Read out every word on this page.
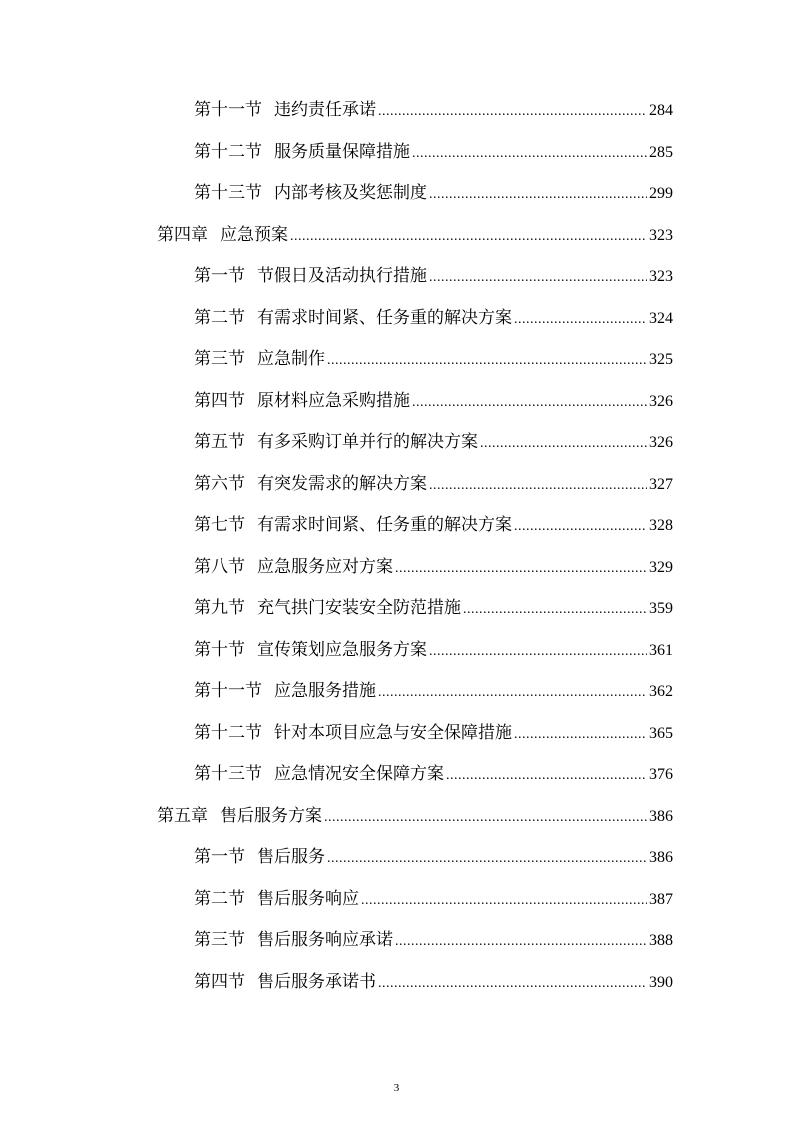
第十一节 违约责任承诺 .....	284
第十二节 服务质量保障措施 .....	285
第十三节 内部考核及奖惩制度 .....	299
第四章 应急预案 .....	323
第一节 节假日及活动执行措施 .....	323
第二节 有需求时间紧、任务重的解决方案 .....	324
第三节 应急制作 .....	325
第四节 原材料应急采购措施 .....	326
第五节 有多采购订单并行的解决方案 .....	326
第六节 有突发需求的解决方案 .....	327
第七节 有需求时间紧、任务重的解决方案 .....	328
第八节 应急服务应对方案 .....	329
第九节 充气拱门安装安全防范措施 .....	359
第十节 宣传策划应急服务方案 .....	361
第十一节 应急服务措施 .....	362
第十二节 针对本项目应急与安全保障措施 .....	365
第十三节 应急情况安全保障方案 .....	376
第五章 售后服务方案 .....	386
第一节 售后服务 .....	386
第二节 售后服务响应 .....	387
第三节 售后服务响应承诺 .....	388
第四节 售后服务承诺书 .....	390
3
